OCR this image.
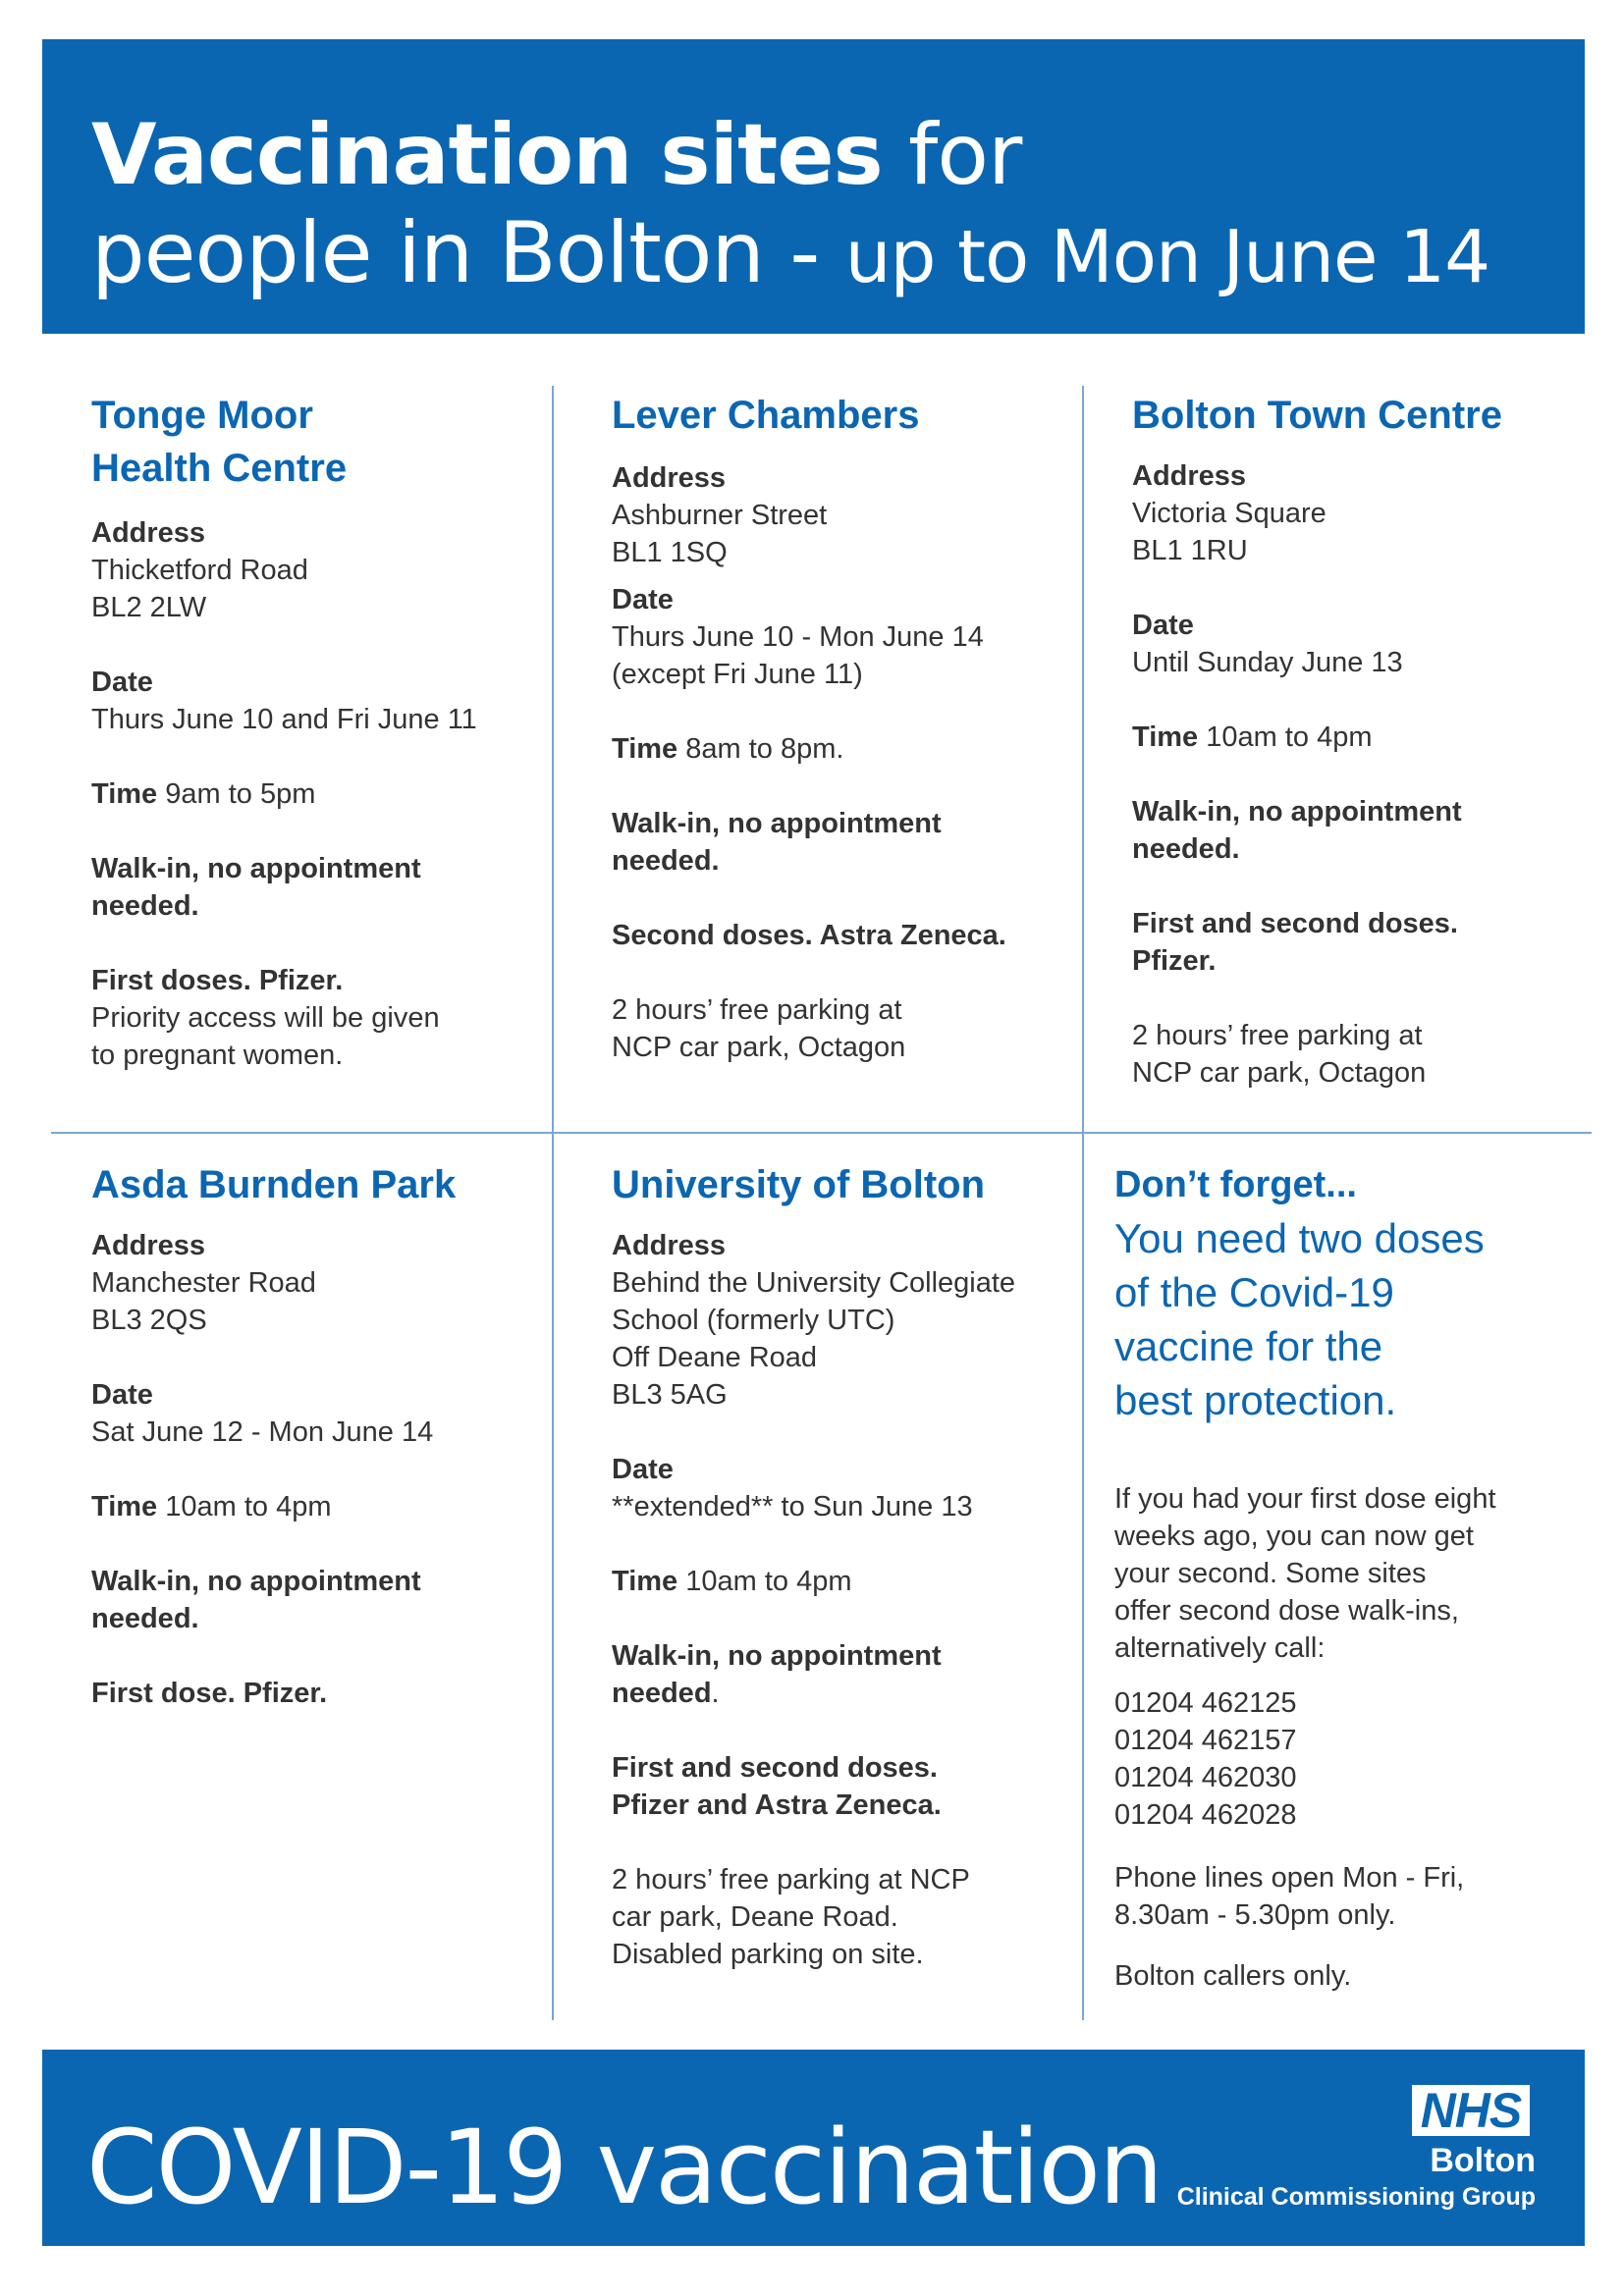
Vaccination sites for
people in Bolton - up to Mon June 14
Tonge Moor
Health Centre

Address

Thicketford Road
BL2 2LW

Date

Thurs June 10 and Fri June 11

Time 9am to 5pm

Walk-in, no appointment
needed.

First doses. Pfizer.

Priority access will be given
to pregnant women.

Lever Chambers

Address

Ashburner Street
BL1 1SQ

Date

Thurs June 10 - Mon June 14
(except Fri June 11)

Time 8am to 8pm.

Walk-in, no appointment
needed.

Second doses. Astra Zeneca.

2 hours’ free parking at
NCP car park, Octagon

Bolton Town Centre

Address

Victoria Square
BL1 1RU

Date

Until Sunday June 13

Time 10am to 4pm

Walk-in, no appointment
needed.

First and second doses.
Pfizer.

2 hours’ free parking at
NCP car park, Octagon

Asda Burnden Park

Address

Manchester Road
BL3 2QS

Date

Sat June 12 - Mon June 14

Time 10am to 4pm

Walk-in, no appointment
needed.

First dose. Pfizer.

University of Bolton

Address

Behind the University Collegiate
School (formerly UTC)
Off Deane Road
BL3 5AG

Date

**extended** to Sun June 13

Time 10am to 4pm

Walk-in, no appointment
needed.

First and second doses.
Pfizer and Astra Zeneca.

2 hours’ free parking at NCP
car park, Deane Road.
Disabled parking on site.

Don’t forget...
You need two doses
of the Covid-19
vaccine for the
best protection.

If you had your first dose eight
weeks ago, you can now get
your second. Some sites
offer second dose walk-ins,
alternatively call:

01204 462125
01204 462157
01204 462030
01204 462028

Phone lines open Mon - Fri,
8.30am - 5.30pm only.

Bolton callers only.

COVID-19 vaccination	NHS
Bolton
Clinical Commissioning Group
